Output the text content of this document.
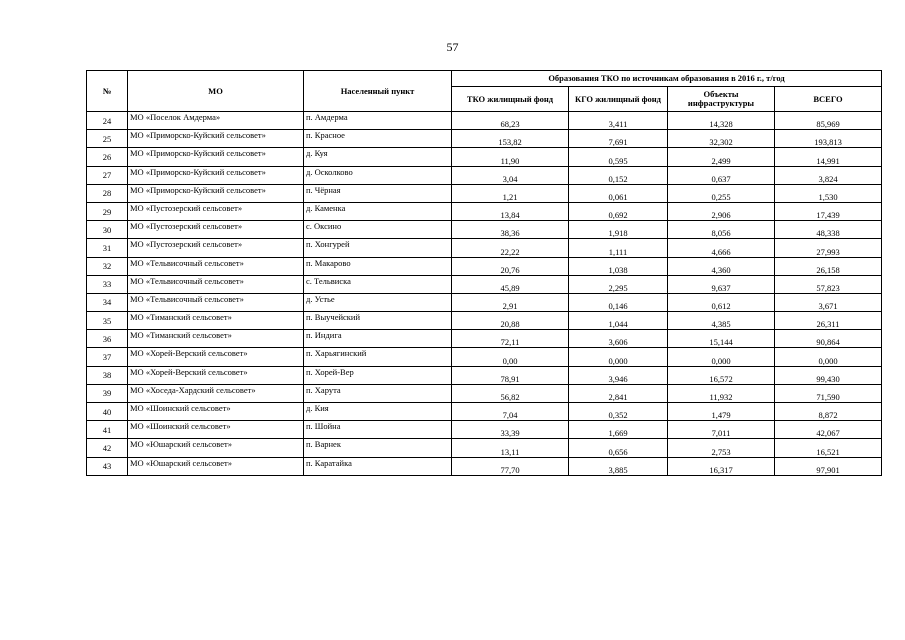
57
№	МО	Населенный пункт	Образования ТКО по источникам образования в 2016 г., т/год			
			ТКО жилищный фонд	КГО жилищный фонд	Объекты инфраструктуры	ВСЕГО
24	МО «Поселок Амдерма»	п. Амдерма	68,23	3,411	14,328	85,969
25	МО «Приморско-Куйский сельсовет»	п. Красное	153,82	7,691	32,302	193,813
26	МО «Приморско-Куйский сельсовет»	д. Куя	11,90	0,595	2,499	14,991
27	МО «Приморско-Куйский сельсовет»	д. Осколково	3,04	0,152	0,637	3,824
28	МО «Приморско-Куйский сельсовет»	п. Чёрная	1,21	0,061	0,255	1,530
29	МО «Пустозерский сельсовет»	д. Каменка	13,84	0,692	2,906	17,439
30	МО «Пустозерский сельсовет»	с. Оксино	38,36	1,918	8,056	48,338
31	МО «Пустозерский сельсовет»	п. Хонгурей	22,22	1,111	4,666	27,993
32	МО «Тельвисочный сельсовет»	п. Макарово	20,76	1,038	4,360	26,158
33	МО «Тельвисочный сельсовет»	с. Тельвиска	45,89	2,295	9,637	57,823
34	МО «Тельвисочный сельсовет»	д. Устье	2,91	0,146	0,612	3,671
35	МО «Тиманский сельсовет»	п. Выучейский	20,88	1,044	4,385	26,311
36	МО «Тиманский сельсовет»	п. Индига	72,11	3,606	15,144	90,864
37	МО «Хорей-Верский сельсовет»	п. Харьягинский	0,00	0,000	0,000	0,000
38	МО «Хорей-Верский сельсовет»	п. Хорей-Вер	78,91	3,946	16,572	99,430
39	МО «Хоседа-Хардский сельсовет»	п. Харута	56,82	2,841	11,932	71,590
40	МО «Шоинский сельсовет»	д. Кия	7,04	0,352	1,479	8,872
41	МО «Шоинский сельсовет»	п. Шойна	33,39	1,669	7,011	42,067
42	МО «Юшарский сельсовет»	п. Варнек	13,11	0,656	2,753	16,521
43	МО «Юшарский сельсовет»	п. Каратайка	77,70	3,885	16,317	97,901
